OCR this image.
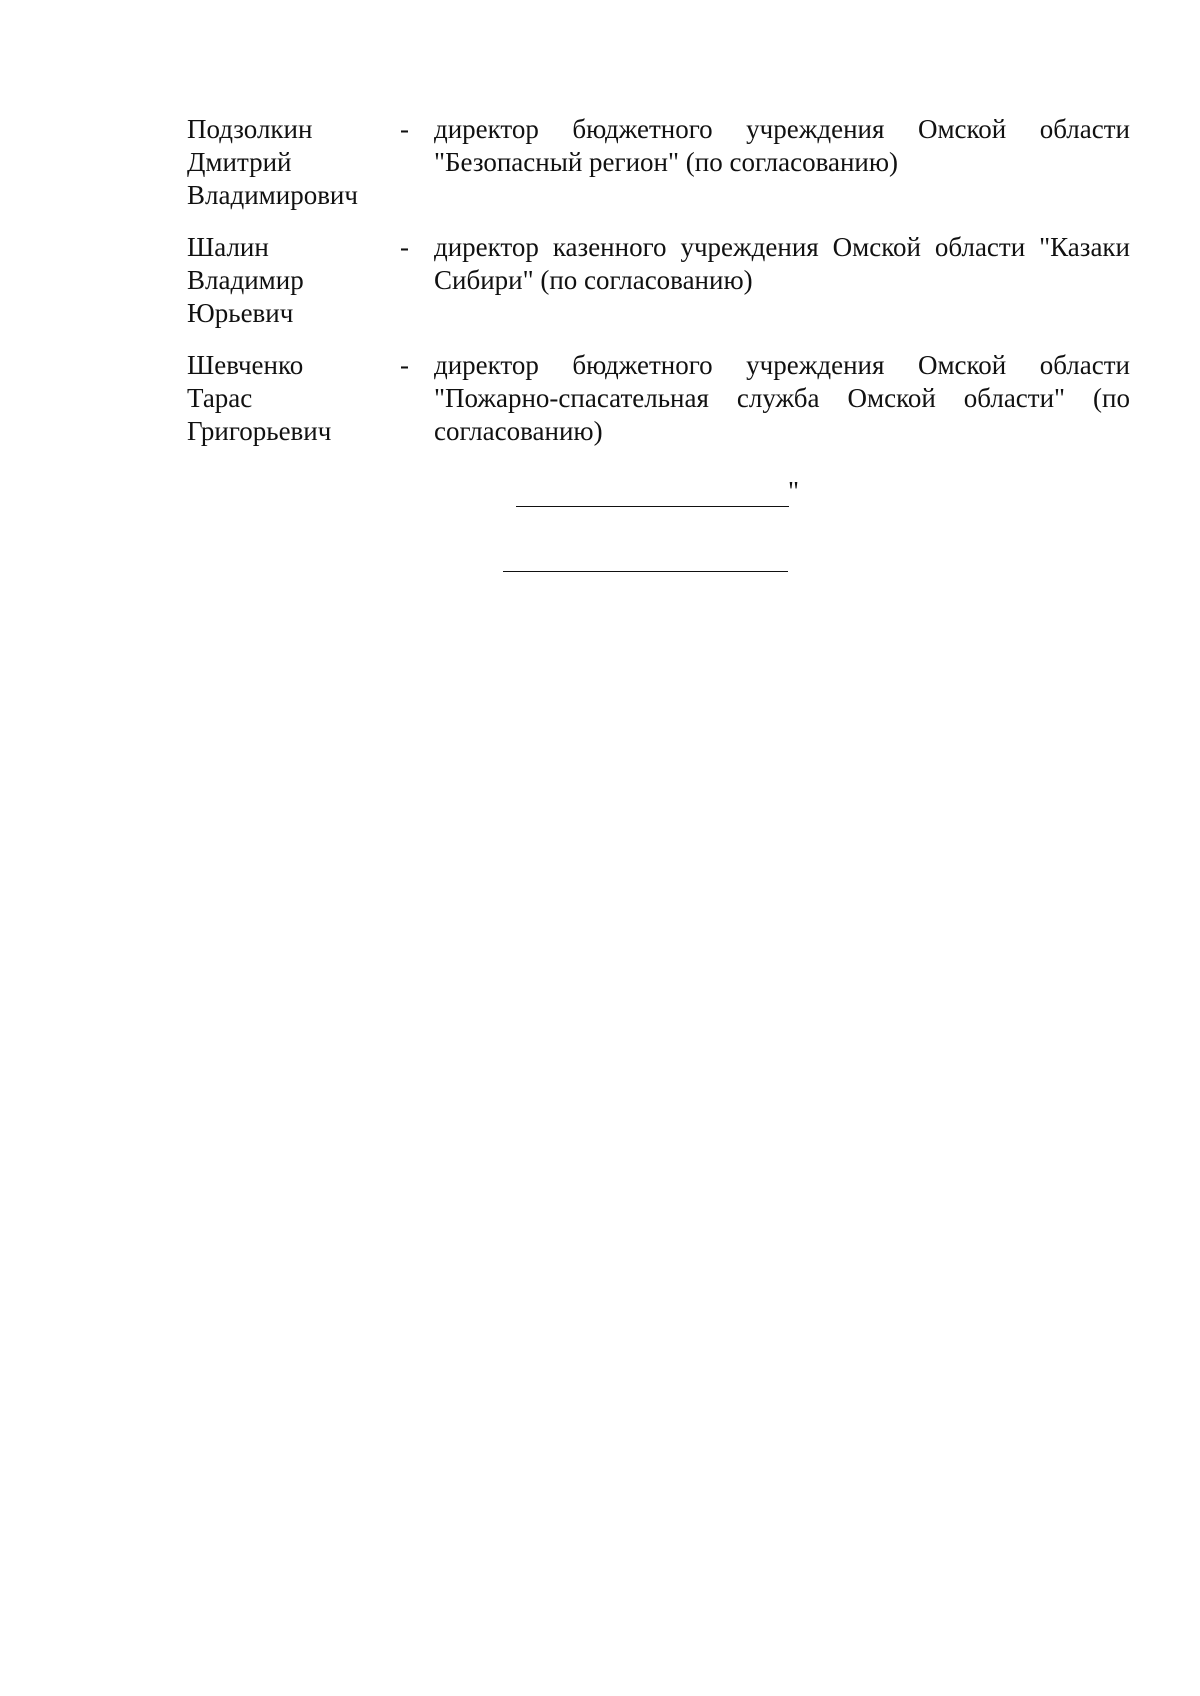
Подзолкин
Дмитрий
Владимирович
- директор бюджетного учреждения Омской области "Безопасный регион" (по согласованию)
Шалин
Владимир
Юрьевич
- директор казенного учреждения Омской области "Казаки Сибири" (по согласованию)
Шевченко
Тарас
Григорьевич
- директор бюджетного учреждения Омской области "Пожарно-спасательная служба Омской области" (по согласованию)
"
